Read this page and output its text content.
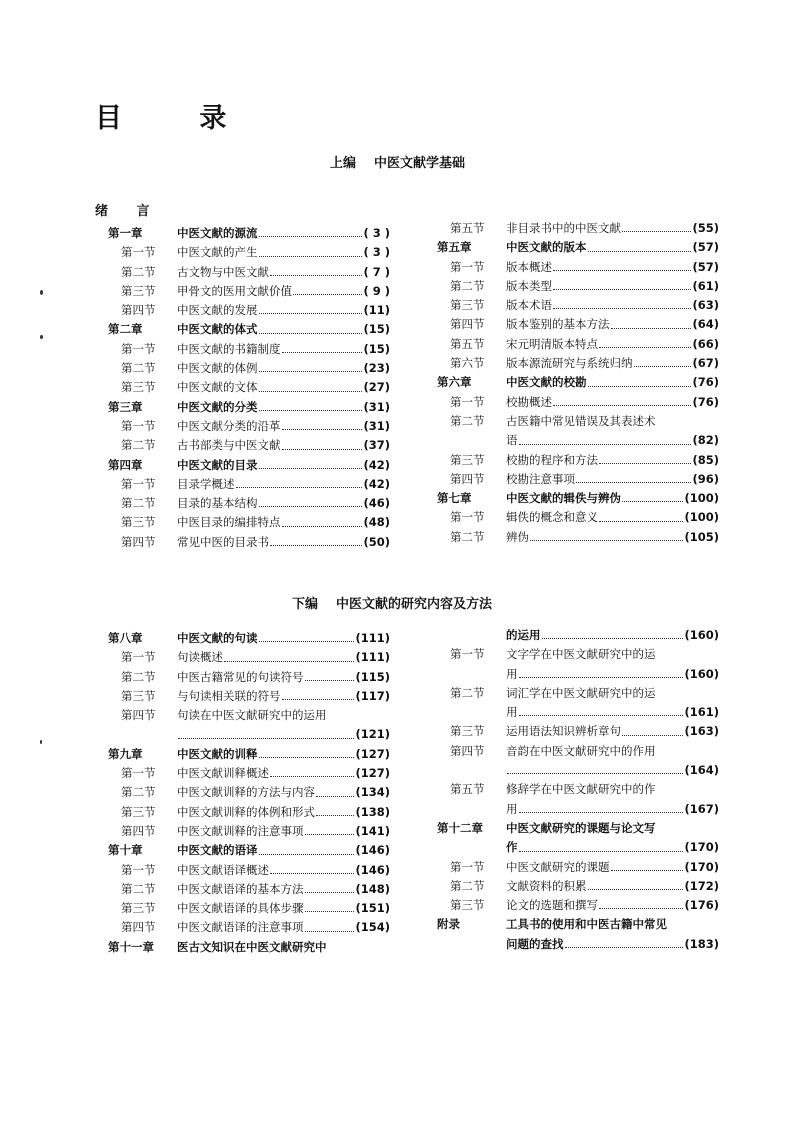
目 录
上编 中医文献学基础
绪 言
下编 中医文献的研究内容及方法
第一章	中医文献的源流	( 3 )
第一节	中医文献的产生	( 3 )
第二节	古文物与中医文献	( 7 )
第三节	甲骨文的医用文献价值	( 9 )
第四节	中医文献的发展	(11)
第二章	中医文献的体式	(15)
第一节	中医文献的书籍制度	(15)
第二节	中医文献的体例	(23)
第三节	中医文献的文体	(27)
第三章	中医文献的分类	(31)
第一节	中医文献分类的沿革	(31)
第二节	古书部类与中医文献	(37)
第四章	中医文献的目录	(42)
第一节	目录学概述	(42)
第二节	目录的基本结构	(46)
第三节	中医目录的编排特点	(48)
第四节	常见中医的目录书	(50)
第五节	非目录书中的中医文献	(55)
第五章	中医文献的版本	(57)
第一节	版本概述	(57)
第二节	版本类型	(61)
第三节	版本术语	(63)
第四节	版本鉴别的基本方法	(64)
第五节	宋元明清版本特点	(66)
第六节	版本源流研究与系统归纳	(67)
第六章	中医文献的校勘	(76)
第一节	校勘概述	(76)
第二节	古医籍中常见错误及其表述术
语	(82)
第三节	校勘的程序和方法	(85)
第四节	校勘注意事项	(96)
第七章	中医文献的辑佚与辨伪	(100)
第一节	辑佚的概念和意义	(100)
第二节	辨伪	(105)
第八章	中医文献的句读	(111)
第一节	句读概述	(111)
第二节	中医古籍常见的句读符号	(115)
第三节	与句读相关联的符号	(117)
第四节	句读在中医文献研究中的运用
(121)
第九章	中医文献的训释	(127)
第一节	中医文献训释概述	(127)
第二节	中医文献训释的方法与内容	(134)
第三节	中医文献训释的体例和形式	(138)
第四节	中医文献训释的注意事项	(141)
第十章	中医文献的语译	(146)
第一节	中医文献语译概述	(146)
第二节	中医文献语译的基本方法	(148)
第三节	中医文献语译的具体步骤	(151)
第四节	中医文献语译的注意事项	(154)
第十一章	医古文知识在中医文献研究中
的运用	(160)
第一节	文字学在中医文献研究中的运
用	(160)
第二节	词汇学在中医文献研究中的运
用	(161)
第三节	运用语法知识辨析章句	(163)
第四节	音韵在中医文献研究中的作用
(164)
第五节	修辞学在中医文献研究中的作
用	(167)
第十二章	中医文献研究的课题与论文写
作	(170)
第一节	中医文献研究的课题	(170)
第二节	文献资料的积累	(172)
第三节	论文的选题和撰写	(176)
附录	工具书的使用和中医古籍中常见
问题的查找	(183)
